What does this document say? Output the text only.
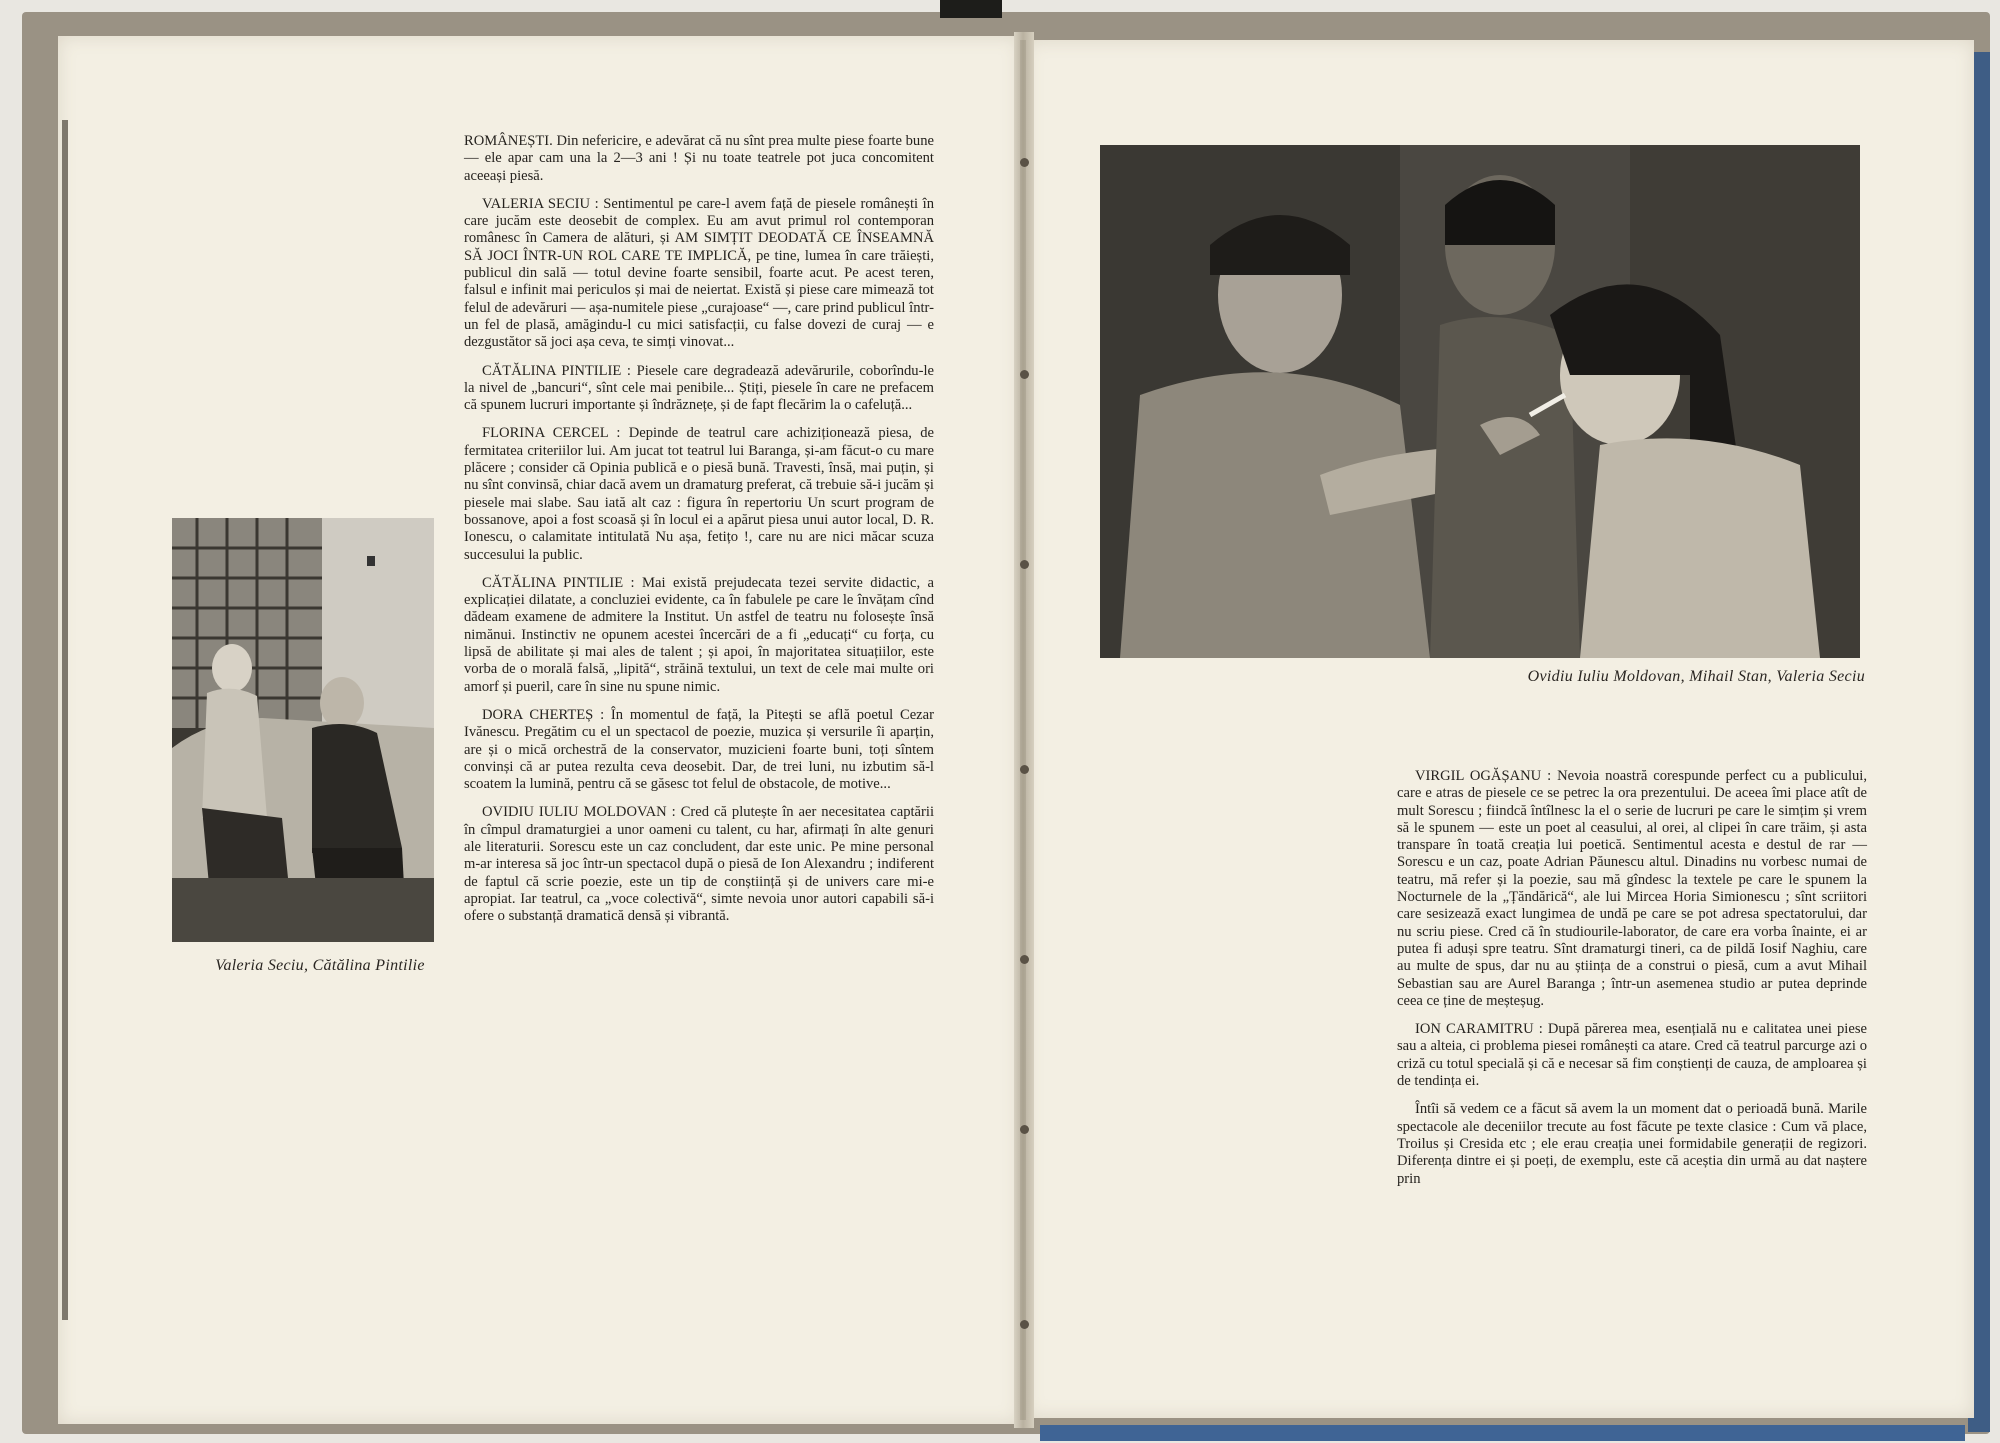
Valeria Seciu, Cătălina Pintilie

ROMÂNEȘTI. Din nefericire, e adevărat că nu sînt prea multe piese foarte bune — ele apar cam una la 2—3 ani ! Și nu toate teatrele pot juca concomitent aceeași piesă.

VALERIA SECIU : Sentimentul pe care-l avem față de piesele românești în care jucăm este deosebit de complex. Eu am avut primul rol contemporan românesc în Camera de alături, și AM SIMȚIT DEODATĂ CE ÎNSEAMNĂ SĂ JOCI ÎNTR-UN ROL CARE TE IMPLICĂ, pe tine, lumea în care trăiești, publicul din sală — totul devine foarte sensibil, foarte acut. Pe acest teren, falsul e infinit mai periculos și mai de neiertat. Există și piese care mimează tot felul de adevăruri — așa-numitele piese „curajoase“ —, care prind publicul într-un fel de plasă, amăgindu-l cu mici satisfacții, cu false dovezi de curaj — e dezgustător să joci așa ceva, te simți vinovat...

CĂTĂLINA PINTILIE : Piesele care degradează adevărurile, coborîndu-le la nivel de „bancuri“, sînt cele mai penibile... Știți, piesele în care ne prefacem că spunem lucruri importante și îndrăznețe, și de fapt flecărim la o cafeluță...

FLORINA CERCEL : Depinde de teatrul care achiziționează piesa, de fermitatea criteriilor lui. Am jucat tot teatrul lui Baranga, și-am făcut-o cu mare plăcere ; consider că Opinia publică e o piesă bună. Travesti, însă, mai puțin, și nu sînt convinsă, chiar dacă avem un dramaturg preferat, că trebuie să-i jucăm și piesele mai slabe. Sau iată alt caz : figura în repertoriu Un scurt program de bossanove, apoi a fost scoasă și în locul ei a apărut piesa unui autor local, D. R. Ionescu, o calamitate intitulată Nu așa, fetițo !, care nu are nici măcar scuza succesului la public.

CĂTĂLINA PINTILIE : Mai există prejudecata tezei servite didactic, a explicației dilatate, a concluziei evidente, ca în fabulele pe care le învățam cînd dădeam examene de admitere la Institut. Un astfel de teatru nu folosește însă nimănui. Instinctiv ne opunem acestei încercări de a fi „educați“ cu forța, cu lipsă de abilitate și mai ales de talent ; și apoi, în majoritatea situațiilor, este vorba de o morală falsă, „lipită“, străină textului, un text de cele mai multe ori amorf și pueril, care în sine nu spune nimic.

DORA CHERTEȘ : În momentul de față, la Pitești se află poetul Cezar Ivănescu. Pregătim cu el un spectacol de poezie, muzica și versurile îi aparțin, are și o mică orchestră de la conservator, muzicieni foarte buni, toți sîntem convinși că ar putea rezulta ceva deosebit. Dar, de trei luni, nu izbutim să-l scoatem la lumină, pentru că se găsesc tot felul de obstacole, de motive...

OVIDIU IULIU MOLDOVAN : Cred că plutește în aer necesitatea captării în cîmpul dramaturgiei a unor oameni cu talent, cu har, afirmați în alte genuri ale literaturii. Sorescu este un caz concludent, dar este unic. Pe mine personal m-ar interesa să joc într-un spectacol după o piesă de Ion Alexandru ; indiferent de faptul că scrie poezie, este un tip de conștiință și de univers care mi-e apropiat. Iar teatrul, ca „voce colectivă“, simte nevoia unor autori capabili să-i ofere o substanță dramatică densă și vibrantă.

Ovidiu Iuliu Moldovan, Mihail Stan, Valeria Seciu

VIRGIL OGĂȘANU : Nevoia noastră corespunde perfect cu a publicului, care e atras de piesele ce se petrec la ora prezentului. De aceea îmi place atît de mult Sorescu ; fiindcă întîlnesc la el o serie de lucruri pe care le simțim și vrem să le spunem — este un poet al ceasului, al orei, al clipei în care trăim, și asta transpare în toată creația lui poetică. Sentimentul acesta e destul de rar — Sorescu e un caz, poate Adrian Păunescu altul. Dinadins nu vorbesc numai de teatru, mă refer și la poezie, sau mă gîndesc la textele pe care le spunem la Nocturnele de la „Țăndărică“, ale lui Mircea Horia Simionescu ; sînt scriitori care sesizează exact lungimea de undă pe care se pot adresa spectatorului, dar nu scriu piese. Cred că în studiourile-laborator, de care era vorba înainte, ei ar putea fi aduși spre teatru. Sînt dramaturgi tineri, ca de pildă Iosif Naghiu, care au multe de spus, dar nu au știința de a construi o piesă, cum a avut Mihail Sebastian sau are Aurel Baranga ; într-un asemenea studio ar putea deprinde ceea ce ține de meșteșug.

ION CARAMITRU : După părerea mea, esențială nu e calitatea unei piese sau a alteia, ci problema piesei românești ca atare. Cred că teatrul parcurge azi o criză cu totul specială și că e necesar să fim conștienți de cauza, de amploarea și de tendința ei.

Întîi să vedem ce a făcut să avem la un moment dat o perioadă bună. Marile spectacole ale deceniilor trecute au fost făcute pe texte clasice : Cum vă place, Troilus și Cresida etc ; ele erau creația unei formidabile generații de regizori. Diferența dintre ei și poeți, de exemplu, este că aceștia din urmă au dat naștere prin
